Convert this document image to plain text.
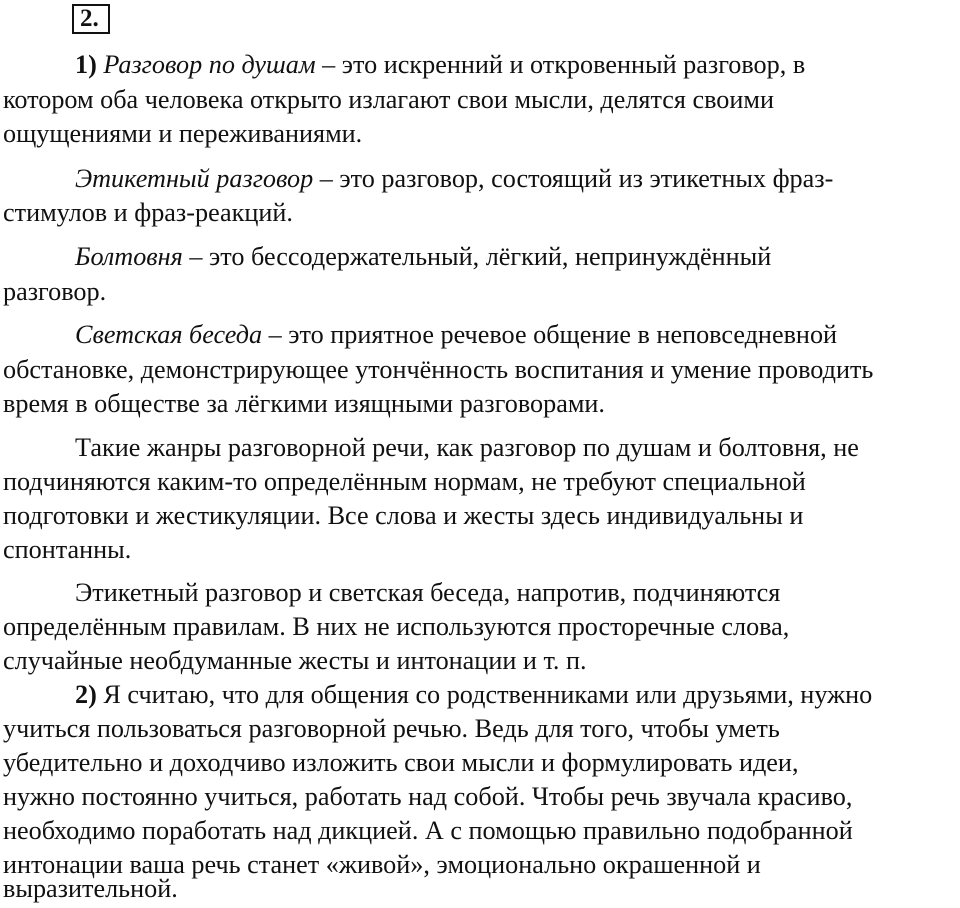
2.
1) Разговор по душам – это искренний и откровенный разговор, в
котором оба человека открыто излагают свои мысли, делятся своими
ощущениями и переживаниями.
Этикетный разговор – это разговор, состоящий из этикетных фраз-
стимулов и фраз-реакций.
Болтовня – это бессодержательный, лёгкий, непринуждённый
разговор.
Светская беседа – это приятное речевое общение в неповседневной
обстановке, демонстрирующее утончённость воспитания и умение проводить
время в обществе за лёгкими изящными разговорами.
Такие жанры разговорной речи, как разговор по душам и болтовня, не
подчиняются каким-то определённым нормам, не требуют специальной
подготовки и жестикуляции. Все слова и жесты здесь индивидуальны и
спонтанны.
Этикетный разговор и светская беседа, напротив, подчиняются
определённым правилам. В них не используются просторечные слова,
случайные необдуманные жесты и интонации и т. п.
2) Я считаю, что для общения со родственниками или друзьями, нужно
учиться пользоваться разговорной речью. Ведь для того, чтобы уметь
убедительно и доходчиво изложить свои мысли и формулировать идеи,
нужно постоянно учиться, работать над собой. Чтобы речь звучала красиво,
необходимо поработать над дикцией. А с помощью правильно подобранной
интонации ваша речь станет «живой», эмоционально окрашенной и
выразительной.
